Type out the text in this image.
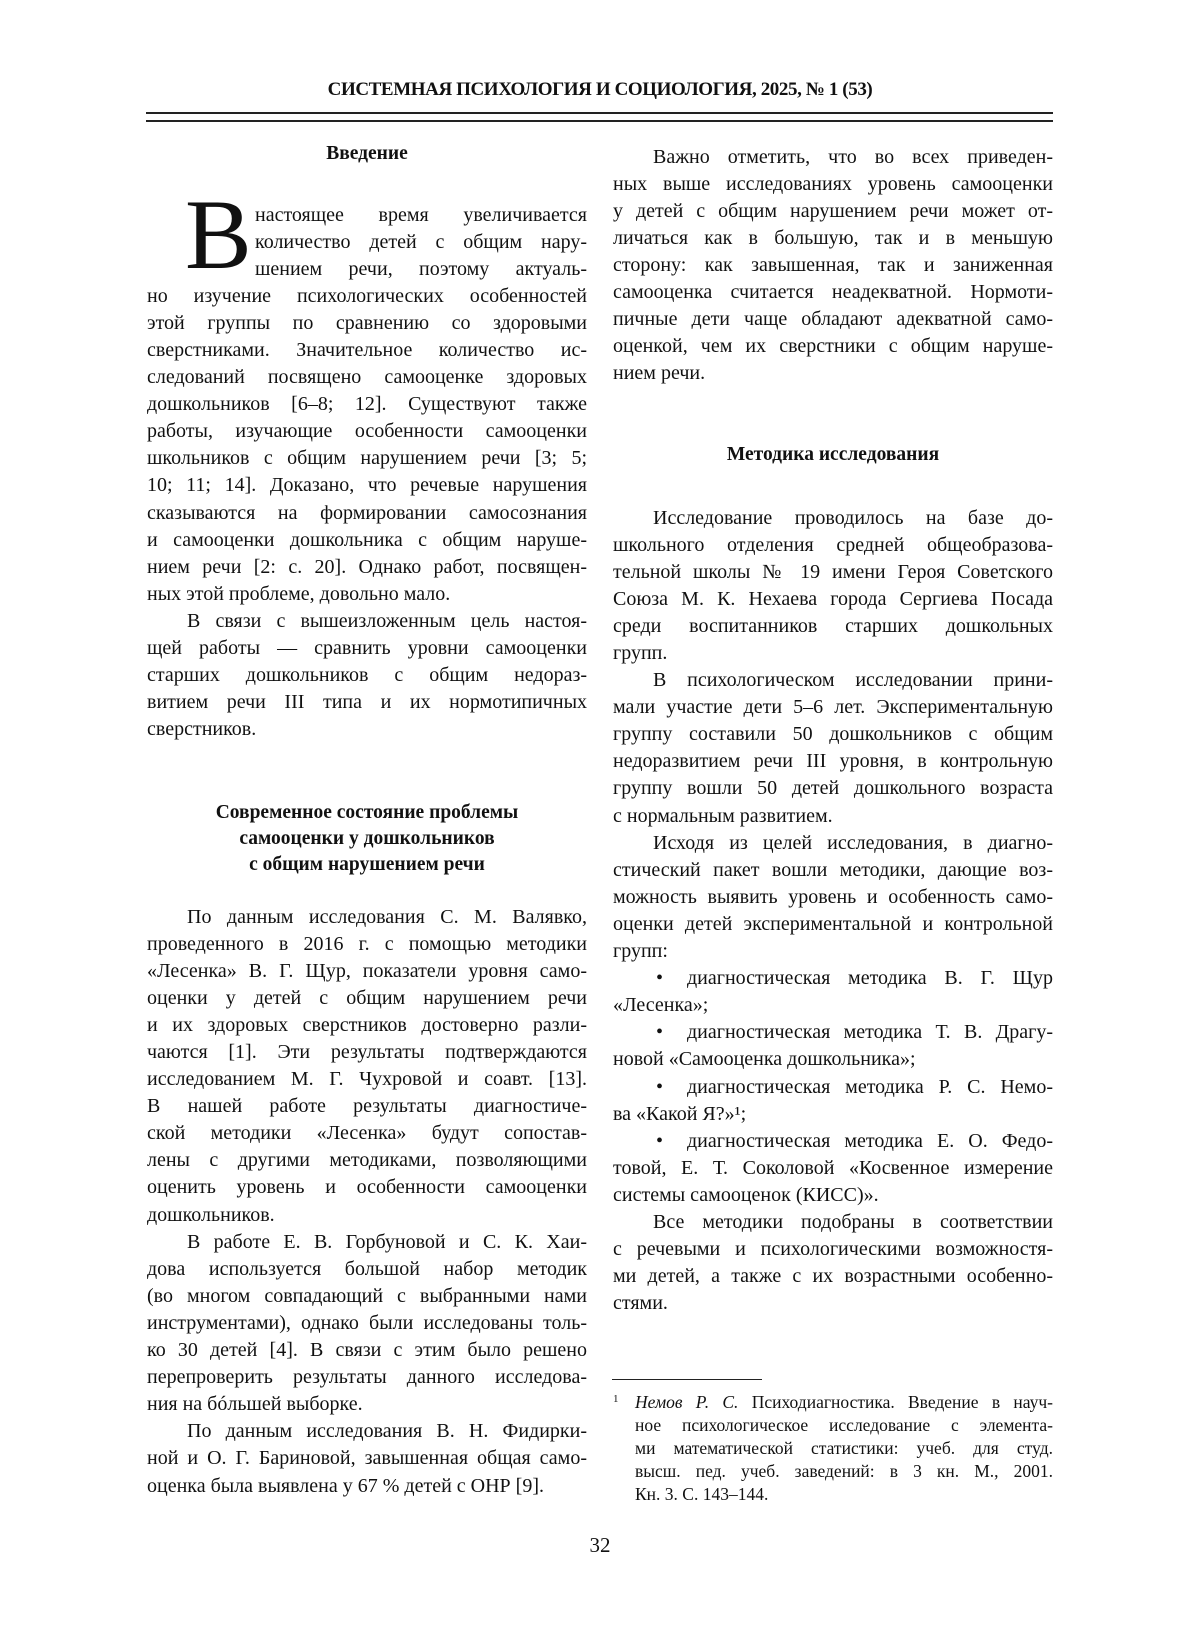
СИСТЕМНАЯ ПСИХОЛОГИЯ И СОЦИОЛОГИЯ, 2025, № 1 (53)
Введение
В настоящее время увеличивается
количество детей с общим нару-
шением речи, поэтому актуаль-
но изучение психологических особенностей
этой группы по сравнению со здоровыми
сверстниками. Значительное количество ис-
следований посвящено самооценке здоровых
дошкольников [6–8; 12]. Существуют также
работы, изучающие особенности самооценки
школьников с общим нарушением речи [3; 5;
10; 11; 14]. Доказано, что речевые нарушения
сказываются на формировании самосознания
и самооценки дошкольника с общим наруше-
нием речи [2: с. 20]. Однако работ, посвящен-
ных этой проблеме, довольно мало.
В связи с вышеизложенным цель настоя-
щей работы — сравнить уровни самооценки
старших дошкольников с общим недораз-
витием речи III типа и их нормотипичных
сверстников.
Современное состояние проблемы
самооценки у дошкольников
с общим нарушением речи
По данным исследования С. М. Валявко,
проведенного в 2016 г. с помощью методики
«Лесенка» В. Г. Щур, показатели уровня само-
оценки у детей с общим нарушением речи
и их здоровых сверстников достоверно разли-
чаются [1]. Эти результаты подтверждаются
исследованием М. Г. Чухровой и соавт. [13].
В нашей работе результаты диагностиче-
ской методики «Лесенка» будут сопостав-
лены с другими методиками, позволяющими
оценить уровень и особенности самооценки
дошкольников.
В работе Е. В. Горбуновой и С. К. Хаи-
дова используется большой набор методик
(во многом совпадающий с выбранными нами
инструментами), однако были исследованы толь-
ко 30 детей [4]. В связи с этим было решено
перепроверить результаты данного исследова-
ния на бóльшей выборке.
По данным исследования В. Н. Фидирки-
ной и О. Г. Бариновой, завышенная общая само-
оценка была выявлена у 67 % детей с ОНР [9].
Важно отметить, что во всех приведен-
ных выше исследованиях уровень самооценки
у детей с общим нарушением речи может от-
личаться как в большую, так и в меньшую
сторону: как завышенная, так и заниженная
самооценка считается неадекватной. Нормоти-
пичные дети чаще обладают адекватной само-
оценкой, чем их сверстники с общим наруше-
нием речи.
Методика исследования
Исследование проводилось на базе до-
школьного отделения средней общеобразова-
тельной школы № 19 имени Героя Советского
Союза М. К. Нехаева города Сергиева Посада
среди воспитанников старших дошкольных
групп.
В психологическом исследовании прини-
мали участие дети 5–6 лет. Экспериментальную
группу составили 50 дошкольников с общим
недоразвитием речи III уровня, в контрольную
группу вошли 50 детей дошкольного возраста
с нормальным развитием.
Исходя из целей исследования, в диагно-
стический пакет вошли методики, дающие воз-
можность выявить уровень и особенность само-
оценки детей экспериментальной и контрольной
групп:
•	диагностическая методика В. Г. Щур
«Лесенка»;
•	диагностическая методика Т. В. Драгу-
новой «Самооценка дошкольника»;
•	диагностическая методика Р. С. Немо-
ва «Какой Я?»¹;
•	диагностическая методика Е. О. Федо-
товой, Е. Т. Соколовой «Косвенное измерение
системы самооценок (КИСС)».
Все методики подобраны в соответствии
с речевыми и психологическими возможностя-
ми детей, а также с их возрастными особенно-
стями.
1 Немов Р. С. Психодиагностика. Введение в науч-
ное психологическое исследование с элемента-
ми математической статистики: учеб. для студ.
высш. пед. учеб. заведений: в 3 кн. М., 2001.
Кн. 3. С. 143–144.
32
